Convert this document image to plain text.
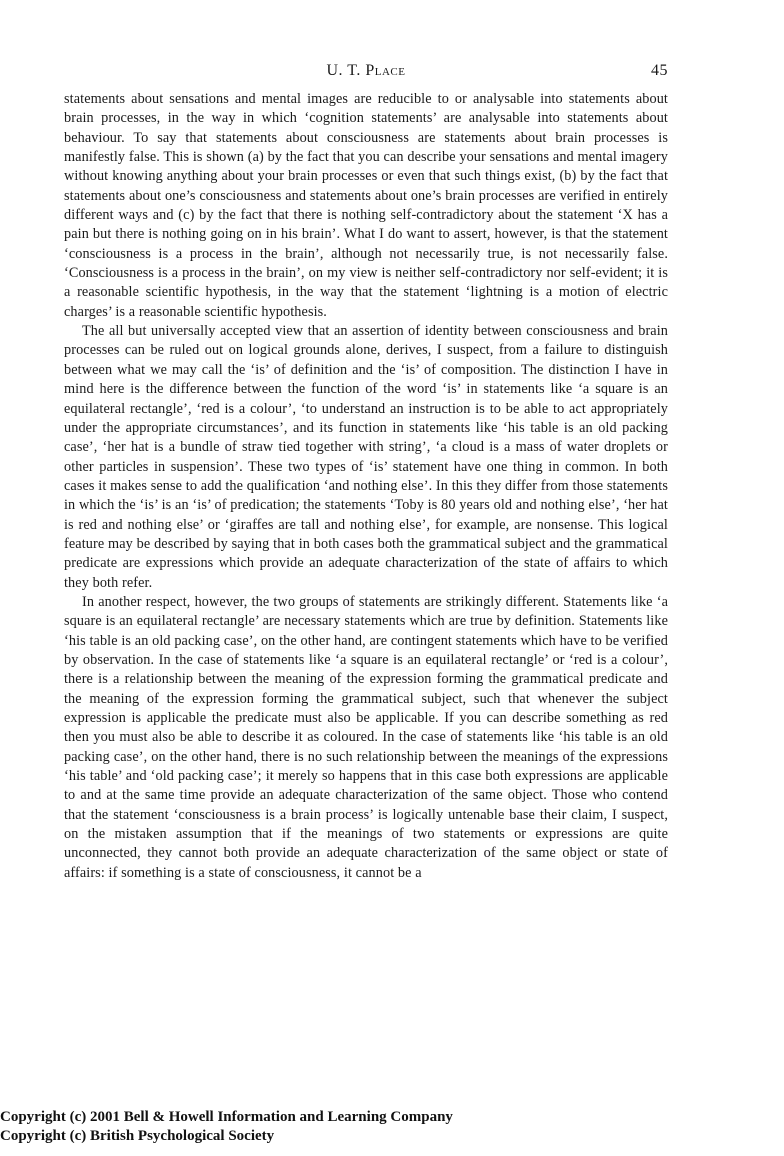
U. T. Place	45

statements about sensations and mental images are reducible to or analysable into statements about brain processes, in the way in which ‘cognition statements’ are analysable into statements about behaviour. To say that statements about consciousness are statements about brain processes is manifestly false. This is shown (a) by the fact that you can describe your sensations and mental imagery without knowing anything about your brain processes or even that such things exist, (b) by the fact that statements about one’s consciousness and statements about one’s brain processes are verified in entirely different ways and (c) by the fact that there is nothing self-contradictory about the statement ‘X has a pain but there is nothing going on in his brain’. What I do want to assert, however, is that the statement ‘consciousness is a process in the brain’, although not necessarily true, is not necessarily false. ‘Consciousness is a process in the brain’, on my view is neither self-contradictory nor self-evident; it is a reasonable scientific hypothesis, in the way that the statement ‘lightning is a motion of electric charges’ is a reasonable scientific hypothesis.

The all but universally accepted view that an assertion of identity between consciousness and brain processes can be ruled out on logical grounds alone, derives, I suspect, from a failure to distinguish between what we may call the ‘is’ of definition and the ‘is’ of composition. The distinction I have in mind here is the difference between the function of the word ‘is’ in statements like ‘a square is an equilateral rectangle’, ‘red is a colour’, ‘to understand an instruction is to be able to act appropriately under the appropriate circumstances’, and its function in statements like ‘his table is an old packing case’, ‘her hat is a bundle of straw tied together with string’, ‘a cloud is a mass of water droplets or other particles in suspension’. These two types of ‘is’ statement have one thing in common. In both cases it makes sense to add the qualification ‘and nothing else’. In this they differ from those statements in which the ‘is’ is an ‘is’ of predication; the statements ‘Toby is 80 years old and nothing else’, ‘her hat is red and nothing else’ or ‘giraffes are tall and nothing else’, for example, are nonsense. This logical feature may be described by saying that in both cases both the grammatical subject and the grammatical predicate are expressions which provide an adequate characterization of the state of affairs to which they both refer.

In another respect, however, the two groups of statements are strikingly different. Statements like ‘a square is an equilateral rectangle’ are necessary statements which are true by definition. Statements like ‘his table is an old packing case’, on the other hand, are contingent statements which have to be verified by observation. In the case of statements like ‘a square is an equilateral rectangle’ or ‘red is a colour’, there is a relationship between the meaning of the expression forming the grammatical predicate and the meaning of the expression forming the grammatical subject, such that whenever the subject expression is applicable the predicate must also be applicable. If you can describe something as red then you must also be able to describe it as coloured. In the case of statements like ‘his table is an old packing case’, on the other hand, there is no such relationship between the meanings of the expressions ‘his table’ and ‘old packing case’; it merely so happens that in this case both expressions are applicable to and at the same time provide an adequate characterization of the same object. Those who contend that the statement ‘consciousness is a brain process’ is logically untenable base their claim, I suspect, on the mistaken assumption that if the meanings of two statements or expressions are quite unconnected, they cannot both provide an adequate characterization of the same object or state of affairs: if something is a state of consciousness, it cannot be a

Copyright (c) 2001 Bell & Howell Information and Learning Company
Copyright (c) British Psychological Society
